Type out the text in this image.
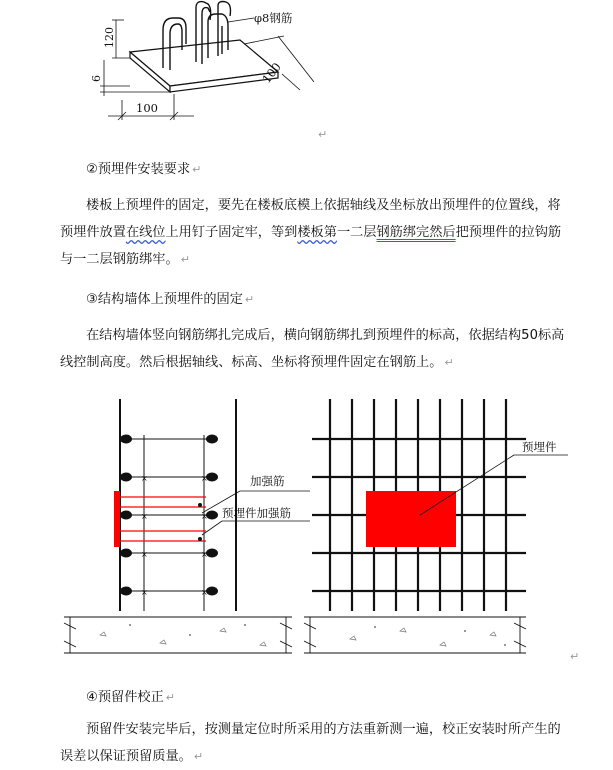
φ8钢筋
120
6
100
100
↵
②预埋件安装要求 ↵
楼板上预埋件的固定，要先在楼板底模上依据轴线及坐标放出预埋件的位置线，将预埋件放置在线位上用钉子固定牢，等到楼板第一二层钢筋绑完然后把预埋件的拉钩筋与一二层钢筋绑牢。 ↵
③结构墙体上预埋件的固定 ↵
在结构墙体竖向钢筋绑扎完成后，横向钢筋绑扎到预埋件的标高，依据结构50标高线控制高度。然后根据轴线、标高、坐标将预埋件固定在钢筋上。 ↵
×	×
×	×
×	×
×	×
加强筋
预埋件加强筋
预埋件
↵
④预留件校正 ↵
预留件安装完毕后，按测量定位时所采用的方法重新测一遍，校正安装时所产生的误差以保证预留质量。 ↵
